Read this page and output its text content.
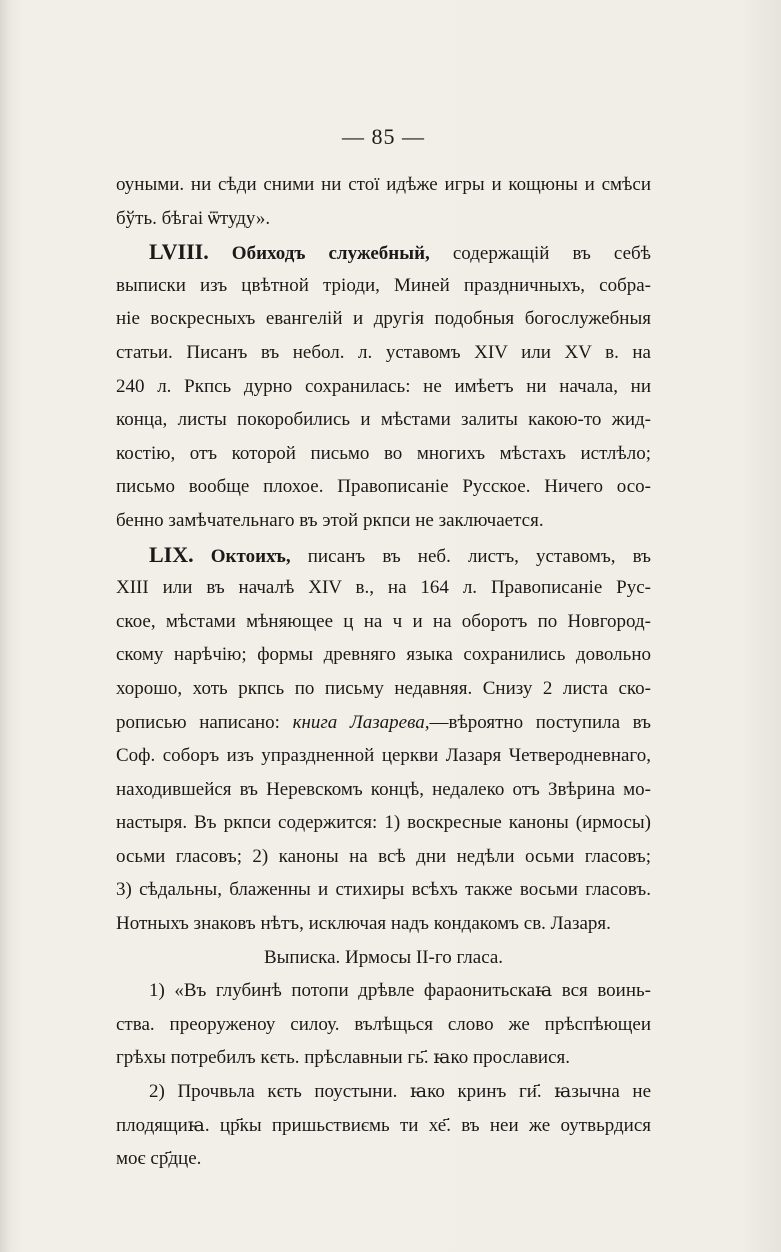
— 85 —
оуными. ни сѣди сними ни стої идѣже игры и кощюны и смѣси
бўть. бѣгаі ѿтуду».
LVIII. Обиходъ служебный, содержащій въ себѣ
выписки изъ цвѣтной тріоди, Миней праздничныхъ, собра-
ніе воскресныхъ евангелій и другія подобныя богослужебныя
статьи. Писанъ въ небол. л. уставомъ XIV или XV в. на
240 л. Ркпсь дурно сохранилась: не имѣетъ ни начала, ни
конца, листы покоробились и мѣстами залиты какою-то жид-
костію, отъ которой письмо во многихъ мѣстахъ истлѣло;
письмо вообще плохое. Правописаніе Русское. Ничего осо-
бенно замѣчательнаго въ этой ркпси не заключается.
LIX. Октоихъ, писанъ въ неб. листъ, уставомъ, въ
XIII или въ началѣ XIV в., на 164 л. Правописаніе Рус-
ское, мѣстами мѣняющее ц на ч и на оборотъ по Новгород-
скому нарѣчію; формы древняго языка сохранились довольно
хорошо, хоть ркпсь по письму недавняя. Снизу 2 листа ско-
рописью написано: книга Лазарева,—вѣроятно поступила въ
Соф. соборъ изъ упраздненной церкви Лазаря Четверодневнаго,
находившейся въ Неревскомъ концѣ, недалеко отъ Звѣрина мо-
настыря. Въ ркпси содержится: 1) воскресные каноны (ирмосы)
осьми гласовъ; 2) каноны на всѣ дни недѣли осьми гласовъ;
3) сѣдальны, блаженны и стихиры всѣхъ также восьми гласовъ.
Нотныхъ знаковъ нѣтъ, исключая надъ кондакомъ св. Лазаря.
Выписка. Ирмосы II-го гласа.
1) «Въ глубинѣ потопи дрѣвле фараонитьскаꙗ вся воинь-
ства. преоруженоу силоу. вълѣщься слово же прѣспѣющеи
грѣхы потребилъ кєть. прѣславныи гь҃. ꙗко прославися.
2) Прочвьла кєть поустыни. ꙗко кринъ ги҃. ꙗзычна не
плодящиꙗ. цр҃кы пришьствиємь ти хе҃. въ неи же оутвьрдися
моє ср҃дце.
